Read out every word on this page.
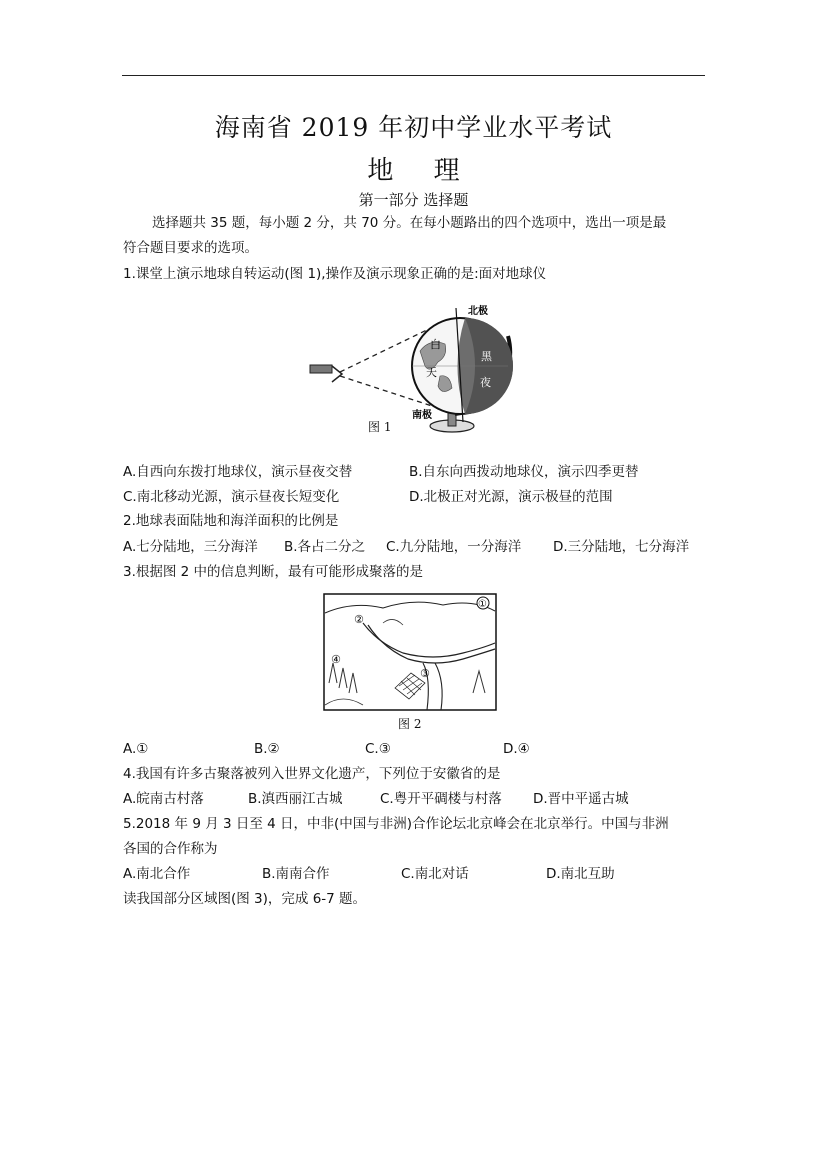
海南省 2019 年初中学业水平考试
地 理
第一部分 选择题
选择题共 35 题，每小题 2 分，共 70 分。在每小题路出的四个选项中，选出一项是最
符合题目要求的选项。
1.课堂上演示地球自转运动(图 1),操作及演示现象正确的是:面对地球仪
北极
南极
白
天
黑
夜
图 1
A.自西向东拨打地球仪，演示昼夜交替	B.自东向西拨动地球仪，演示四季更替
C.南北移动光源，演示昼夜长短变化	D.北极正对光源，演示极昼的范围
2.地球表面陆地和海洋面积的比例是
A.七分陆地，三分海洋 B.各占二分之 C.九分陆地，一分海洋 D.三分陆地，七分海洋
3.根据图 2 中的信息判断，最有可能形成聚落的是
①
②
③
④
图 2
A.①	B.②	C.③	D.④
4.我国有许多古聚落被列入世界文化遗产，下列位于安徽省的是
A.皖南古村落	B.滇西丽江古城	C.粤开平碉楼与村落 D.晋中平遥古城
5.2018 年 9 月 3 日至 4 日，中非(中国与非洲)合作论坛北京峰会在北京举行。中国与非洲
各国的合作称为
A.南北合作	B.南南合作	C.南北对话	D.南北互助
读我国部分区域图(图 3)，完成 6-7 题。
